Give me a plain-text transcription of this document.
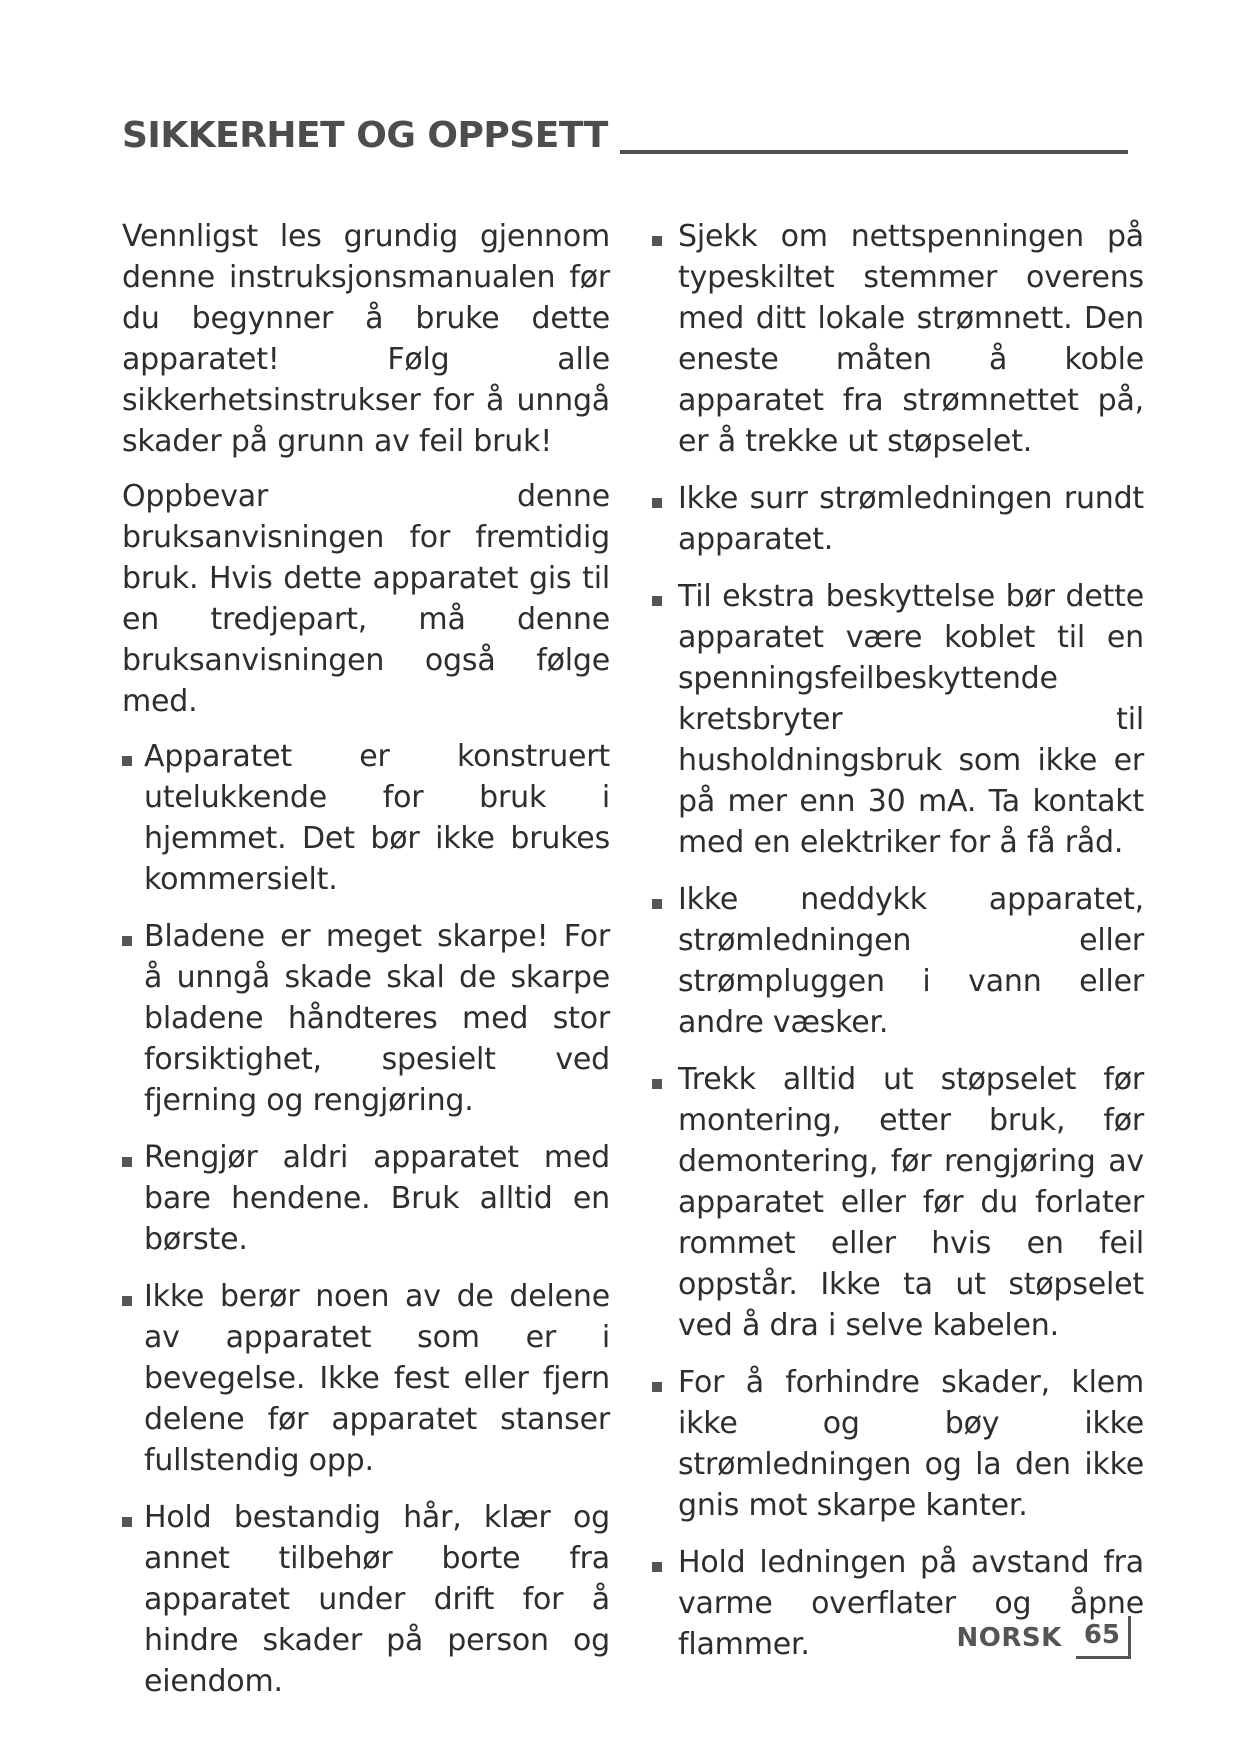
SIKKERHET OG OPPSETT

Vennligst les grundig gjennom denne instruksjonsmanualen før du begynner å bruke dette apparatet! Følg alle sikkerhetsinstrukser for å unngå skader på grunn av feil bruk!

Oppbevar denne bruksanvisningen for fremtidig bruk. Hvis dette apparatet gis til en tredjepart, må denne bruksanvisningen også følge med.

Apparatet er konstruert utelukkende for bruk i hjemmet. Det bør ikke brukes kommersielt.
Bladene er meget skarpe! For å unngå skade skal de skarpe bladene håndteres med stor forsiktighet, spesielt ved fjerning og rengjøring.
Rengjør aldri apparatet med bare hendene. Bruk alltid en børste.
Ikke berør noen av de delene av apparatet som er i bevegelse. Ikke fest eller fjern delene før apparatet stanser fullstendig opp.
Hold bestandig hår, klær og annet tilbehør borte fra apparatet under drift for å hindre skader på person og eiendom.
Sjekk om nettspenningen på typeskiltet stemmer overens med ditt lokale strømnett. Den eneste måten å koble apparatet fra strømnettet på, er å trekke ut støpselet.
Ikke surr strømledningen rundt apparatet.
Til ekstra beskyttelse bør dette apparatet være koblet til en spenningsfeilbeskyttende kretsbryter til husholdningsbruk som ikke er på mer enn 30 mA. Ta kontakt med en elektriker for å få råd.
Ikke neddykk apparatet, strømledningen eller strømpluggen i vann eller andre væsker.
Trekk alltid ut støpselet før montering, etter bruk, før demontering, før rengjøring av apparatet eller før du forlater rommet eller hvis en feil oppstår. Ikke ta ut støpselet ved å dra i selve kabelen.
For å forhindre skader, klem ikke og bøy ikke strømledningen og la den ikke gnis mot skarpe kanter.
Hold ledningen på avstand fra varme overflater og åpne flammer.	NORSK 65
